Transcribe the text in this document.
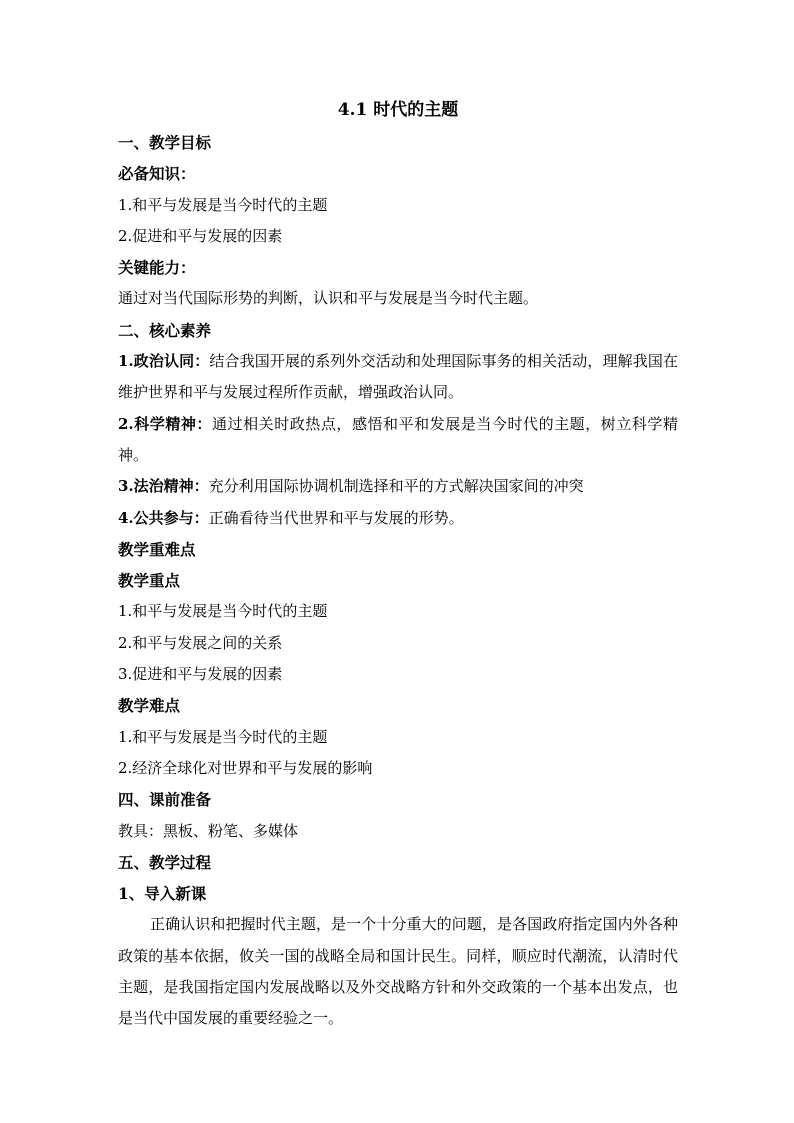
4.1 时代的主题
一、教学目标
必备知识：
1.和平与发展是当今时代的主题
2.促进和平与发展的因素
关键能力：
通过对当代国际形势的判断，认识和平与发展是当今时代主题。
二、核心素养
1.政治认同：结合我国开展的系列外交活动和处理国际事务的相关活动，理解我国在维护世界和平与发展过程所作贡献，增强政治认同。
2.科学精神：通过相关时政热点，感悟和平和发展是当今时代的主题，树立科学精神。
3.法治精神：充分利用国际协调机制选择和平的方式解决国家间的冲突
4.公共参与：正确看待当代世界和平与发展的形势。
教学重难点
教学重点
1.和平与发展是当今时代的主题
2.和平与发展之间的关系
3.促进和平与发展的因素
教学难点
1.和平与发展是当今时代的主题
2.经济全球化对世界和平与发展的影响
四、课前准备
教具：黑板、粉笔、多媒体
五、教学过程
1、导入新课
正确认识和把握时代主题，是一个十分重大的问题，是各国政府指定国内外各种政策的基本依据，攸关一国的战略全局和国计民生。同样，顺应时代潮流，认清时代主题，是我国指定国内发展战略以及外交战略方针和外交政策的一个基本出发点，也是当代中国发展的重要经验之一。
